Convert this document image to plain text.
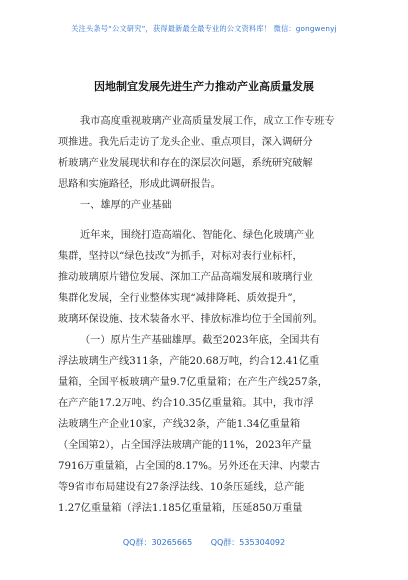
关注头条号“公文研究”，获得最新最全最专业的公文资料库！ 微信：gongwenyj
因地制宜发展先进生产力推动产业高质量发展
我市高度重视玻璃产业高质量发展工作，成立工作专班专
项推进。我先后走访了龙头企业、重点项目，深入调研分
析玻璃产业发展现状和存在的深层次问题，系统研究破解
思路和实施路径，形成此调研报告。
一、雄厚的产业基础
近年来，围绕打造高端化、智能化、绿色化玻璃产业
集群，坚持以“绿色技改”为抓手，对标对表行业标杆，
推动玻璃原片错位发展、深加工产品高端发展和玻璃行业
集群化发展，全行业整体实现“减排降耗、质效提升”，
玻璃环保设施、技术装备水平、排放标准均位于全国前列。
（一）原片生产基础雄厚。截至2023年底，全国共有
浮法玻璃生产线311条，产能20.68万吨，约合12.41亿重
量箱，全国平板玻璃产量9.7亿重量箱；在产生产线257条，
在产产能17.2万吨、约合10.35亿重量箱。其中，我市浮
法玻璃生产企业10家，产线32条，产能1.34亿重量箱
（全国第2），占全国浮法玻璃产能的11%，2023年产量
7916万重量箱，占全国的8.17%。另外还在天津、内蒙古
等9省市布局建设有27条浮法线、10条压延线，总产能
1.27亿重量箱（浮法1.185亿重量箱，压延850万重量
QQ群：30265665 QQ群：535304092
